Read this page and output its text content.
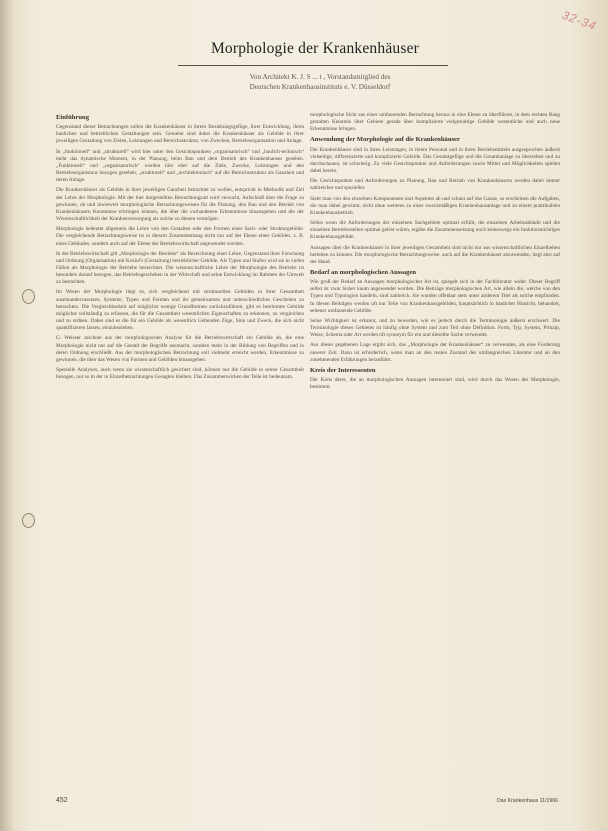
32-34
Morphologie der Krankenhäuser
Von Architekt K. J. S ... t , Vorstandsmitglied des
Deutschen Krankenhausinstituts e. V. Düsseldorf
Einführung

Gegenstand dieser Betrachtungen sollen die Krankenhäuser in ihrem Beziehungsgefüge, ihrer Entwicklung, ihren baulichen und betrieblichen Gestaltungen sein. Gemeint sind dabei die Krankenhäuser als Gebilde in ihrer jeweiligen Gestaltung von Zielen, Leistungen und Bereichsstruktur, von Zwecken, Betriebsorganisation und Anlage.

In „funktionell“ und „strukturell“ wird hier unter den Gesichtspunkten „organisatorisch“ und „baulich-technisch“ mehr das dynamische Moment, in der Planung, beim Bau und dem Betrieb des Krankenhauses gesehen. „Funktionell“ und „organisatorisch“ werden hier eher auf die Ziele, Zwecke, Leistungen und den Betriebsorganismus bezogen gesehen, „strukturell“ und „architektonisch“ auf die Bereichsstruktur als Ganzheit und deren Anlage.

Die Krankenhäuser als Gebilde in ihrer jeweiligen Ganzheit betrachtet zu wollen, entspricht in Methodik und Ziel der Lehre der Morphologie. Mit der hier dargestellten Betrachtungsart wird versucht, Aufschluß über die Frage zu gewinnen, ob und inwieweit morphologische Betrachtungsweisen für die Planung, den Bau und den Betrieb von Krankenhäusern Kenntnisse erbringen können, die über die vorhandenen Erkenntnisse hinausgehen und die der Wissenschaftlichkeit der Krankenversorgung als solche zu dienen vermögen.

Morphologie bedeutet allgemein die Lehre von den Gestalten oder den Formen einer Sach- oder Strukturgebilde. Die vergleichende Betrachtungsweise ist in diesem Zusammenhang nicht nur auf der Ebene eines Gebildes, z. B. eines Gebäudes, sondern auch auf der Ebene der Betriebswirtschaft angewendet worden.

In der Betriebswirtschaft gilt „Morphologie der Betriebe“ als Bezeichnung einer Lehre, Gegenstand ihrer Forschung und Ordnung (Organisation) mit Kosiol's (Gestaltung) betrieblicher Gebilde. Als Typen und Stufen wird sie in vielen Fällen als Morphologie der Betriebe bezeichnet. Die wissenschaftliche Lehre der Morphologie des Betriebs ist besonders darauf bezogen, das Betriebsgeschehen in der Wirtschaft und seine Entwicklung im Rahmen der Umwelt zu betrachten.

Im Wesen der Morphologie liegt es, sich vergleichend mit strukturellen Gebilden in ihrer Gesamtheit auseinanderzusetzen, Systeme, Typen und Formen und ihr gemeinsames und unterschiedliches Geschehen zu betrachten. Die Vergleichbarkeit auf möglichst wenige Grundformen zurückzuführen, gibt es bestimmte Gebilde möglichst vollständig zu erfassen, die für die Gesamtheit wesentlichen Eigenschaften zu erkennen, zu vergleichen und zu ordnen. Dabei sind es die für ein Gebilde als wesentlich Geltenden Züge, Sinn und Zweck, die sich nicht quantifizieren lassen, einzubeziehen.

G. Weisser zeichnet aus der morphologischen Analyse für die Betriebswirtschaft ein Gebilde ab, die eine Morphologie nicht nur auf die Gestalt der Begriffe ausmacht, sondern mehr in der Bildung von Begriffen und in deren Ordnung erschließt. Aus der morphologischen Betrachtung soll vielmehr erreicht werden, Erkenntnisse zu gewinnen, die über das Wesen von Formen und Gebilden hinausgehen.

Spezielle Analysen, auch wenn sie wissenschaftlich gesichert sind, können nur die Gebilde in seiner Gesamtheit bezogen, nur so in der in Einzelbetrachtungen Gesagten bleiben. Das Zusammenwirken der Teile ist bedeutsam.

morphologische Sicht aus einer umfassenden Betrachtung heraus in eine Ebene zu überführen, in dem rechten Rang gestalten Kenntnis über Gebiete gerade über komplizierte vielgestaltige Gebilde wesentliche und auch neue Erkenntnisse bringen.

Anwendung der Morphologie auf die Krankenhäuser

Die Krankenhäuser sind in ihren Leistungen, in ihrem Personal und in ihren Betriebsmitteln ausgesprochen äußerst vielseitige, differenzierte und komplizierte Gebilde. Das Gesamtgefüge und die Gesamtanlage zu übersehen und zu durchschauen, ist schwierig. Zu viele Gesichtspunkte und Anforderungen sowie Mittel und Möglichkeiten spielen dabei herein.

Die Gesichtspunkte und Anforderungen zu Planung, Bau und Betrieb von Krankenhäusern werden dabei immer zahlreicher und spezieller.

Sieht man von den einzelnen Komponenten und Aspekten ab und schaut auf das Ganze, so erscheinen die Aufgaben, die man dabei gewinnt, nicht ohne weiteres zu einer zweckmäßigen Krankenhausanlage und zu einem praktikablen Krankenhausbetrieb.

Selbst wenn die Anforderungen der einzelnen Sachgebiete optimal erfüllt, die einzelnen Arbeitsabläufe und die einzelnen Betriebsstellen optimal gelöst wären, ergäbe die Zusammensetzung noch keineswegs ein funktionstüchtiges Krankenhausgebilde.

Aussagen über die Krankenhäuser in ihrer jeweiligen Gesamtheit sind nicht nur aus wissenschaftlichen Einzelheiten herleiten zu können. Die morphologische Betrachtungsweise, auch auf die Krankenhäuser anzuwenden, liegt also auf der Hand.

Bedarf an morphologischen Aussagen

Wie groß der Bedarf an Aussagen morphologischer Art ist, spiegelt sich in der Fachliteratur wider. Dieser Begriff selbst ist zwar bisher kaum angewendet worden. Die Beiträge morphologischen Art, wie allein die, welche von den Typen und Typologien handeln, sind zahlreich. Sie wurden offenbar stets unter anderem Titel als solche empfunden. In diesen Beiträgen werden oft nur Teile von Krankenhausgebilden, hauptsächlich in baulicher Hinsicht, behandelt, seltener umfassende Gebilde.

Seine Wichtigkeit ist erkannt, und zu bewerten, wie es jedoch durch die Terminologie äußerst erschwert. Die Terminologie dieses Gebietes ist häufig ohne System und zum Teil ohne Definition. Form, Typ, System, Prinzip, Weise, Schema oder Art werden oft synonym für ein und dieselbe Sache verwendet.

Aus dieser gegebenen Lage ergibt sich, das „Morphologie der Krankenhäuser“ zu verwenden, als eine Forderung unserer Zeit. Dazu ist erforderlich, wenn man an den realen Zustand des umfangreichen Literatur und an den zunehmenden Erfahrungen heranführt.

Kreis der Interessenten

Der Kreis derer, die an morphologischen Aussagen interessiert sind, wird durch das Wesen der Morphologie, bestimmt.

452	Das Krankenhaus 11/1966
